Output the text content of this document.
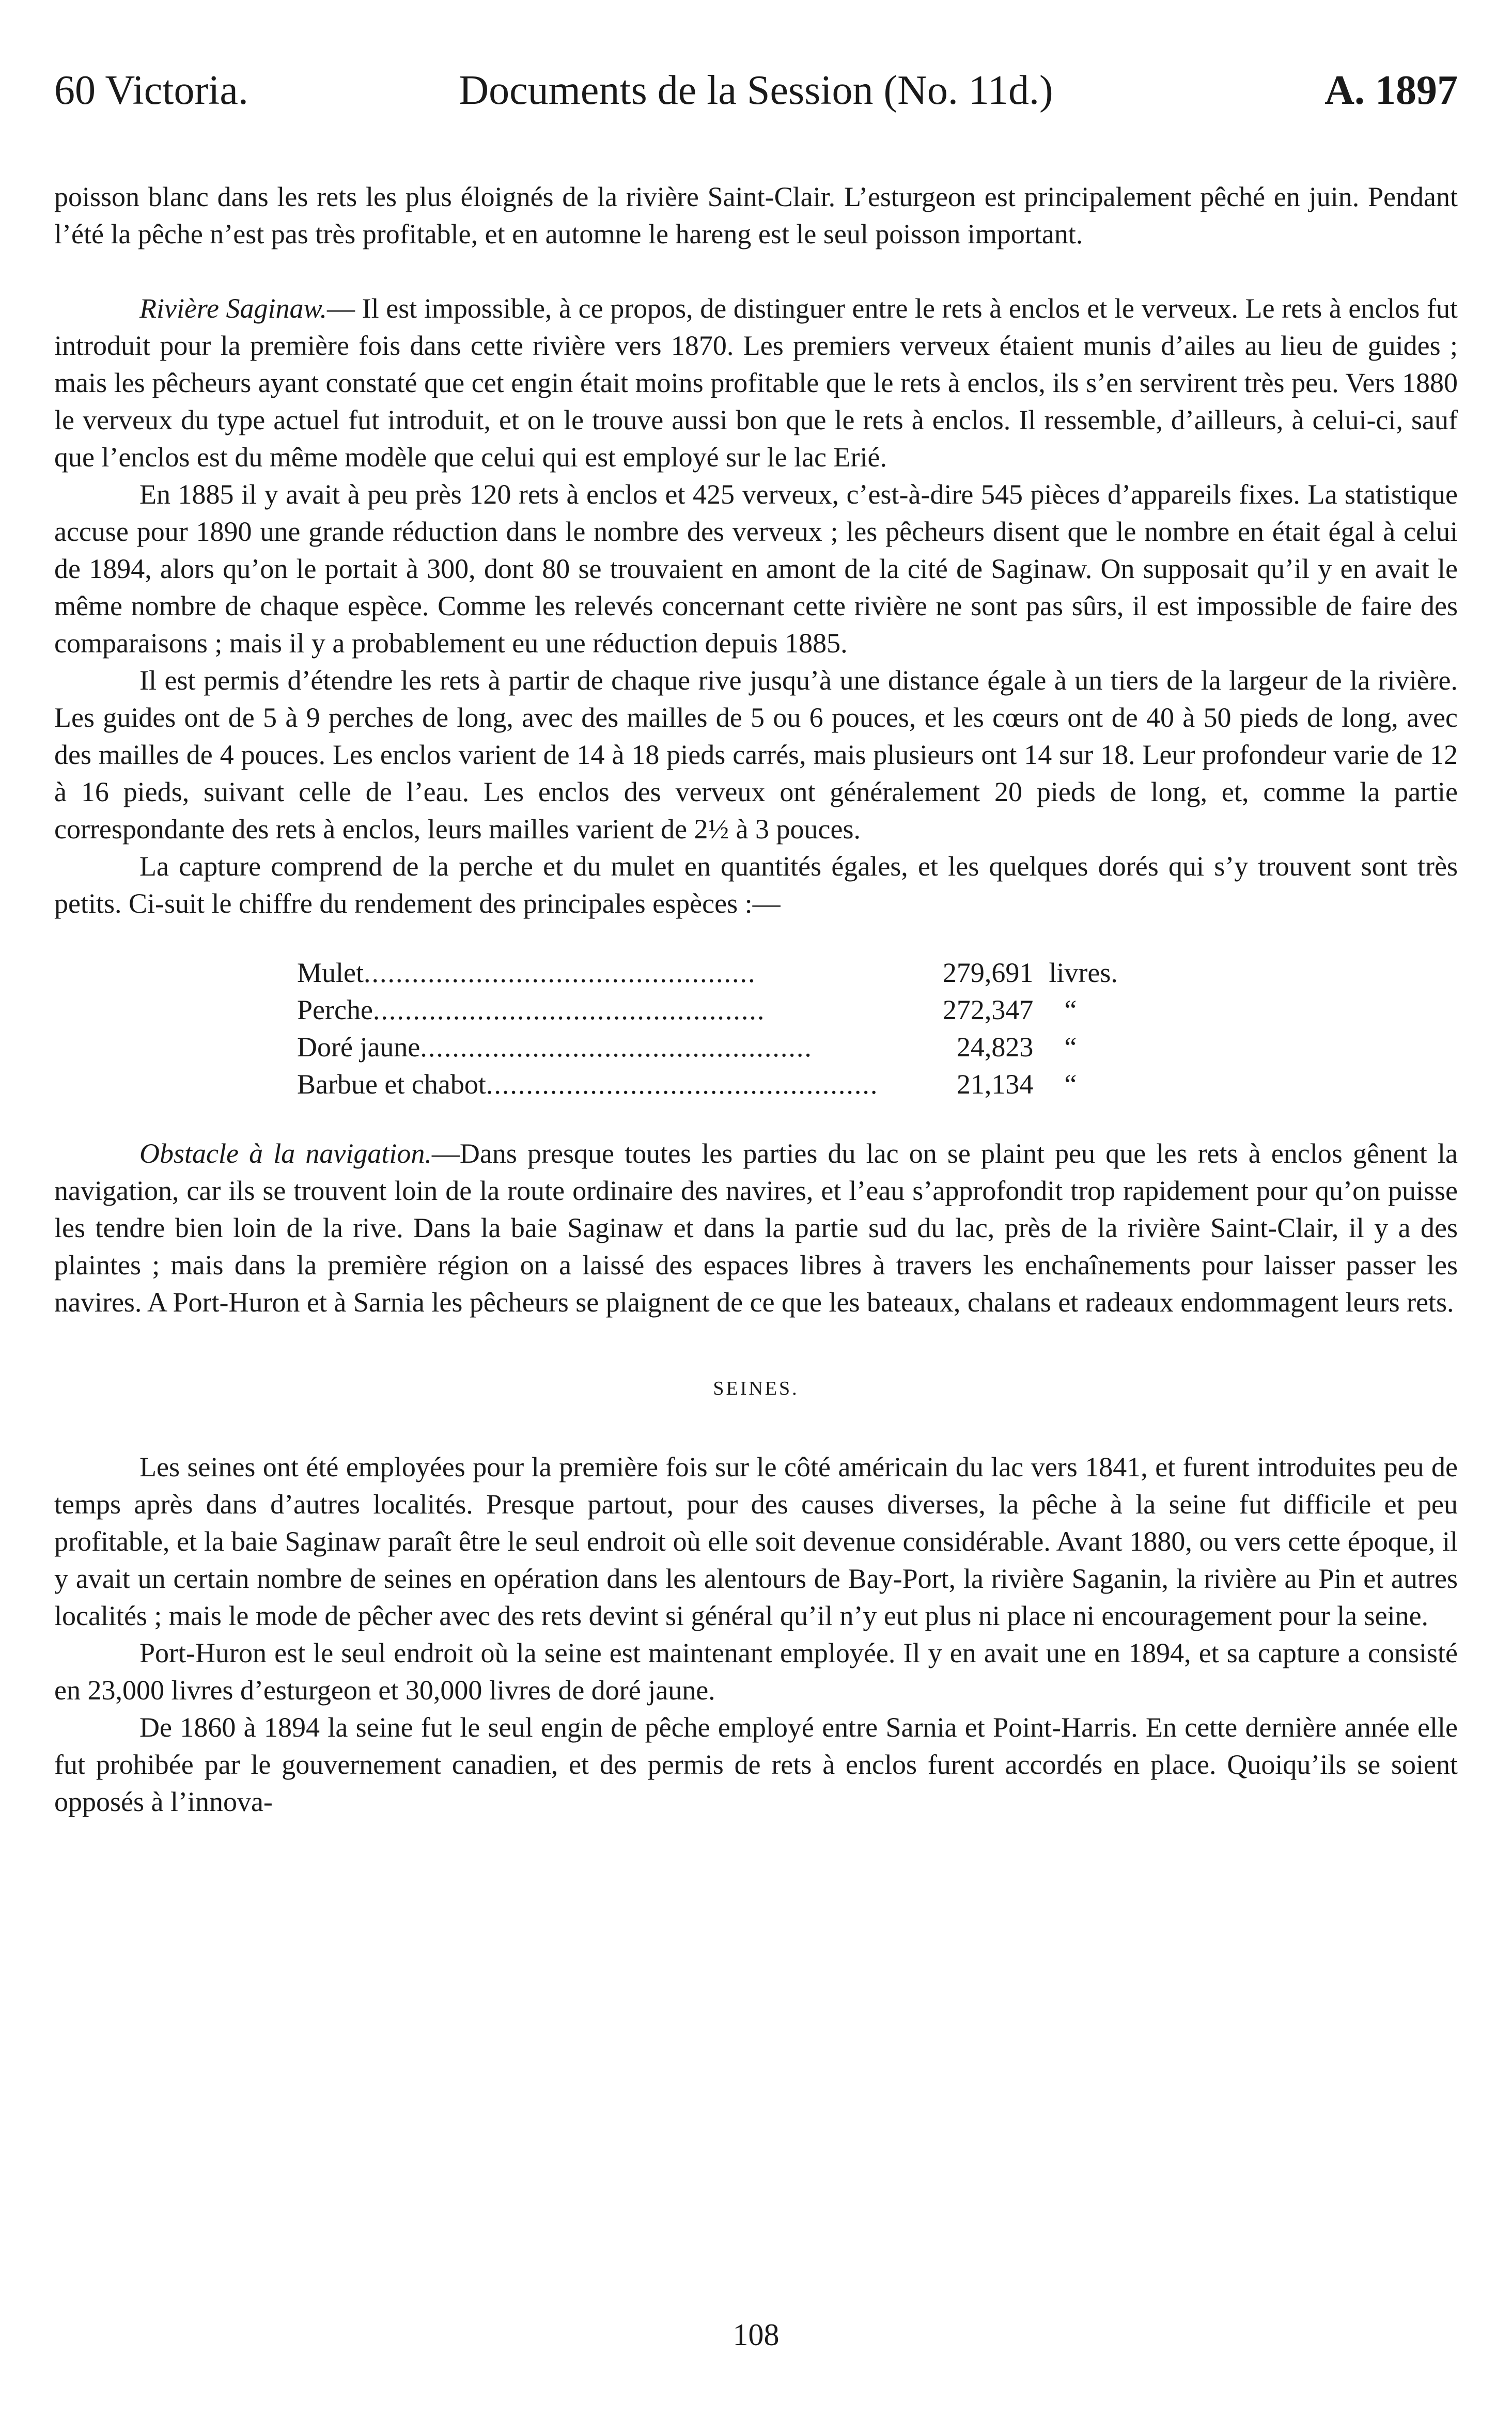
60 Victoria.	Documents de la Session (No. 11d.)	A. 1897

poisson blanc dans les rets les plus éloignés de la rivière Saint-Clair. L’esturgeon est principalement pêché en juin. Pendant l’été la pêche n’est pas très profitable, et en automne le hareng est le seul poisson important.

Rivière Saginaw.— Il est impossible, à ce propos, de distinguer entre le rets à enclos et le verveux. Le rets à enclos fut introduit pour la première fois dans cette rivière vers 1870. Les premiers verveux étaient munis d’ailes au lieu de guides ; mais les pêcheurs ayant constaté que cet engin était moins profitable que le rets à enclos, ils s’en servirent très peu. Vers 1880 le verveux du type actuel fut introduit, et on le trouve aussi bon que le rets à enclos. Il ressemble, d’ailleurs, à celui-ci, sauf que l’enclos est du même modèle que celui qui est employé sur le lac Erié.

En 1885 il y avait à peu près 120 rets à enclos et 425 verveux, c’est-à-dire 545 pièces d’appareils fixes. La statistique accuse pour 1890 une grande réduction dans le nombre des verveux ; les pêcheurs disent que le nombre en était égal à celui de 1894, alors qu’on le portait à 300, dont 80 se trouvaient en amont de la cité de Saginaw. On supposait qu’il y en avait le même nombre de chaque espèce. Comme les relevés concernant cette rivière ne sont pas sûrs, il est impossible de faire des comparaisons ; mais il y a probablement eu une réduction depuis 1885.

Il est permis d’étendre les rets à partir de chaque rive jusqu’à une distance égale à un tiers de la largeur de la rivière. Les guides ont de 5 à 9 perches de long, avec des mailles de 5 ou 6 pouces, et les cœurs ont de 40 à 50 pieds de long, avec des mailles de 4 pouces. Les enclos varient de 14 à 18 pieds carrés, mais plusieurs ont 14 sur 18. Leur profondeur varie de 12 à 16 pieds, suivant celle de l’eau. Les enclos des verveux ont généralement 20 pieds de long, et, comme la partie correspondante des rets à enclos, leurs mailles varient de 2½ à 3 pouces.

La capture comprend de la perche et du mulet en quantités égales, et les quelques dorés qui s’y trouvent sont très petits. Ci-suit le chiffre du rendement des principales espèces :—

Mulet.................................................	279,691	livres.
Perche.................................................	272,347	“
Doré jaune.................................................	24,823	“
Barbue et chabot.................................................	21,134	“

Obstacle à la navigation.—Dans presque toutes les parties du lac on se plaint peu que les rets à enclos gênent la navigation, car ils se trouvent loin de la route ordinaire des navires, et l’eau s’approfondit trop rapidement pour qu’on puisse les tendre bien loin de la rive. Dans la baie Saginaw et dans la partie sud du lac, près de la rivière Saint-Clair, il y a des plaintes ; mais dans la première région on a laissé des espaces libres à travers les enchaînements pour laisser passer les navires. A Port-Huron et à Sarnia les pêcheurs se plaignent de ce que les bateaux, chalans et radeaux endommagent leurs rets.

SEINES.

Les seines ont été employées pour la première fois sur le côté américain du lac vers 1841, et furent introduites peu de temps après dans d’autres localités. Presque partout, pour des causes diverses, la pêche à la seine fut difficile et peu profitable, et la baie Saginaw paraît être le seul endroit où elle soit devenue considérable. Avant 1880, ou vers cette époque, il y avait un certain nombre de seines en opération dans les alentours de Bay-Port, la rivière Saganin, la rivière au Pin et autres localités ; mais le mode de pêcher avec des rets devint si général qu’il n’y eut plus ni place ni encouragement pour la seine.

Port-Huron est le seul endroit où la seine est maintenant employée. Il y en avait une en 1894, et sa capture a consisté en 23,000 livres d’esturgeon et 30,000 livres de doré jaune.

De 1860 à 1894 la seine fut le seul engin de pêche employé entre Sarnia et Point-Harris. En cette dernière année elle fut prohibée par le gouvernement canadien, et des permis de rets à enclos furent accordés en place. Quoiqu’ils se soient opposés à l’innova-

108
